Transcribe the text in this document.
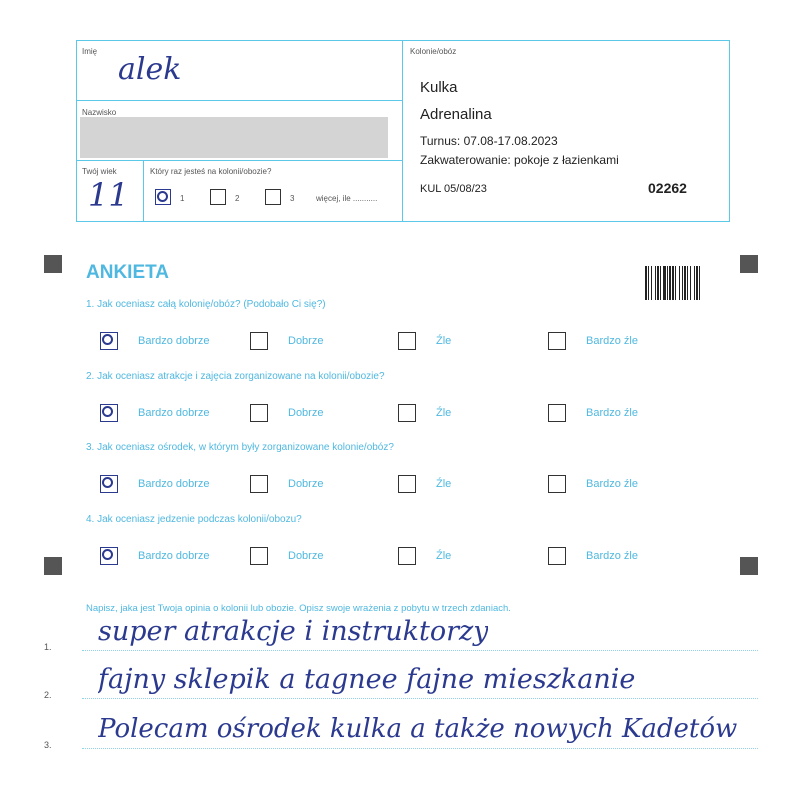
Imię
alek
Nazwisko
Twój wiek
11
Który raz jesteś na kolonii/obozie?
1	2	3	więcej, ile ...........
Kolonie/obóz
Kulka
Adrenalina
Turnus: 07.08-17.08.2023
Zakwaterowanie: pokoje z łazienkami
KUL 05/08/23	02262
ANKIETA
1. Jak oceniasz całą kolonię/obóz? (Podobało Ci się?)
Bardzo dobrze	Dobrze	Źle	Bardzo źle
2. Jak oceniasz atrakcje i zajęcia zorganizowane na kolonii/obozie?
Bardzo dobrze	Dobrze	Źle	Bardzo źle
3. Jak oceniasz ośrodek, w którym były zorganizowane kolonie/obóz?
Bardzo dobrze	Dobrze	Źle	Bardzo źle
4. Jak oceniasz jedzenie podczas kolonii/obozu?
Bardzo dobrze	Dobrze	Źle	Bardzo źle
Napisz, jaka jest Twoja opinia o kolonii lub obozie. Opisz swoje wrażenia z pobytu w trzech zdaniach.
1. super atrakcje i instruktorzy
2. fajny sklepik a tagnee fajne mieszkanie
3.
Polecam ośrodek kulka a także nowych Kadetów
